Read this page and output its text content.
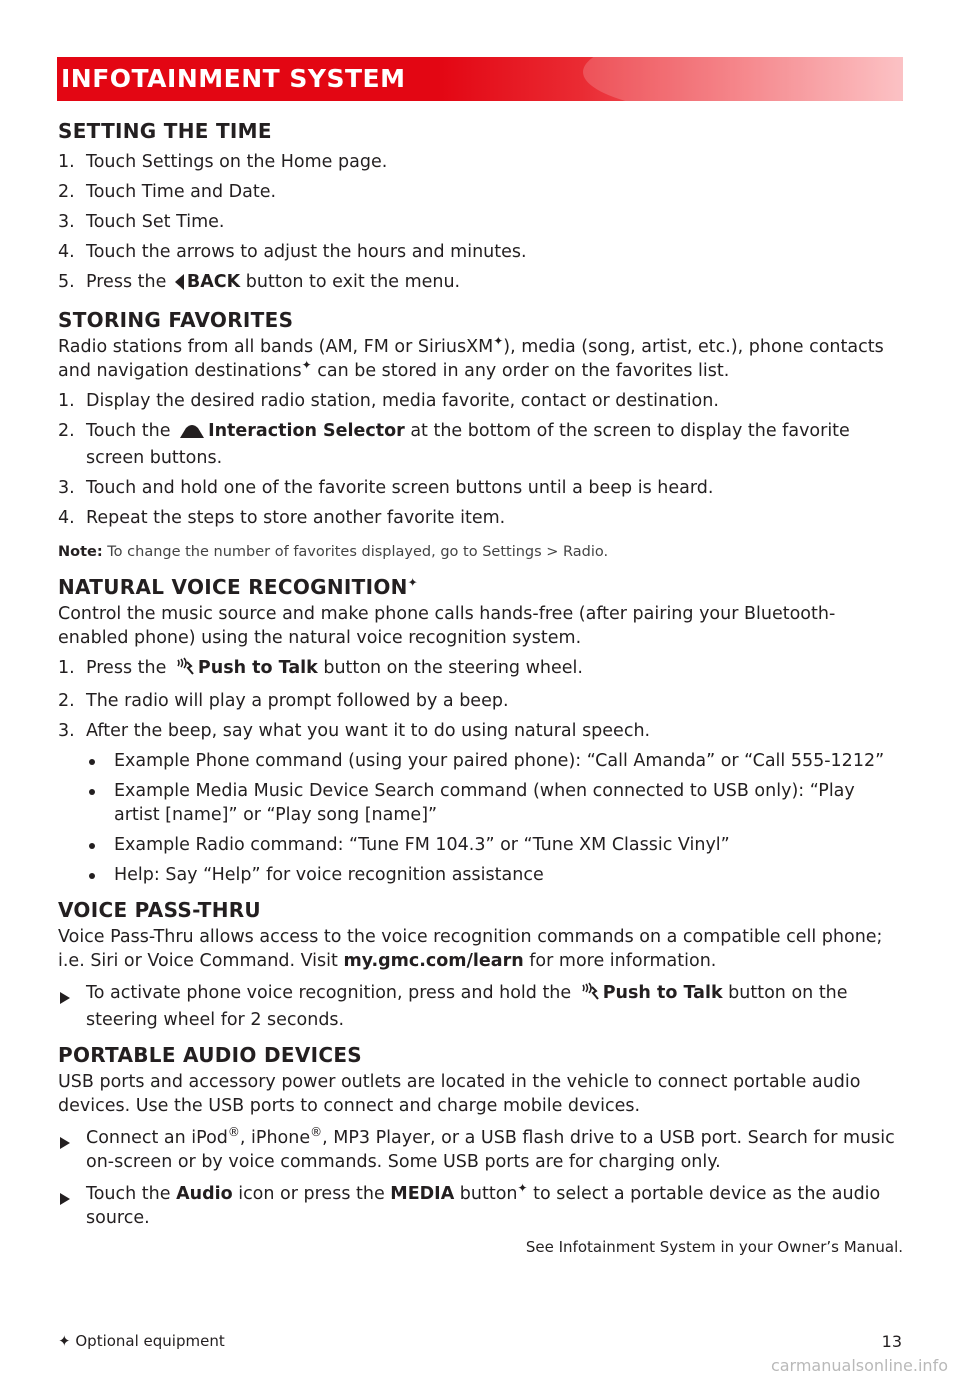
INFOTAINMENT SYSTEM
SETTING THE TIME
1. Touch Settings on the Home page.
2. Touch Time and Date.
3. Touch Set Time.
4. Touch the arrows to adjust the hours and minutes.
5. Press the BACK button to exit the menu.
STORING FAVORITES

Radio stations from all bands (AM, FM or SiriusXM✦), media (song, artist, etc.), phone contacts and navigation destinations✦ can be stored in any order on the favorites list.

1. Display the desired radio station, media favorite, contact or destination.
2. Touch the Interaction Selector at the bottom of the screen to display the favorite screen buttons.
3. Touch and hold one of the favorite screen buttons until a beep is heard.
4. Repeat the steps to store another favorite item.

Note: To change the number of favorites displayed, go to Settings > Radio.

NATURAL VOICE RECOGNITION✦

Control the music source and make phone calls hands-free (after pairing your Bluetooth-enabled phone) using the natural voice recognition system.

1. Press the Push to Talk button on the steering wheel.
2. The radio will play a prompt followed by a beep.
3. After the beep, say what you want it to do using natural speech.
Example Phone command (using your paired phone): “Call Amanda” or “Call 555-1212”
Example Media Music Device Search command (when connected to USB only): “Play artist [name]” or “Play song [name]”
Example Radio command: “Tune FM 104.3” or “Tune XM Classic Vinyl”
Help: Say “Help” for voice recognition assistance
VOICE PASS-THRU

Voice Pass-Thru allows access to the voice recognition commands on a compatible cell phone; i.e. Siri or Voice Command. Visit my.gmc.com/learn for more information.

To activate phone voice recognition, press and hold the Push to Talk button on the steering wheel for 2 seconds.
PORTABLE AUDIO DEVICES

USB ports and accessory power outlets are located in the vehicle to connect portable audio devices. Use the USB ports to connect and charge mobile devices.

Connect an iPod®, iPhone®, MP3 Player, or a USB flash drive to a USB port. Search for music on-screen or by voice commands. Some USB ports are for charging only.
Touch the Audio icon or press the MEDIA button✦ to select a portable device as the audio source.
See Infotainment System in your Owner’s Manual.
✦ Optional equipment	13
carmanualsonline.info
